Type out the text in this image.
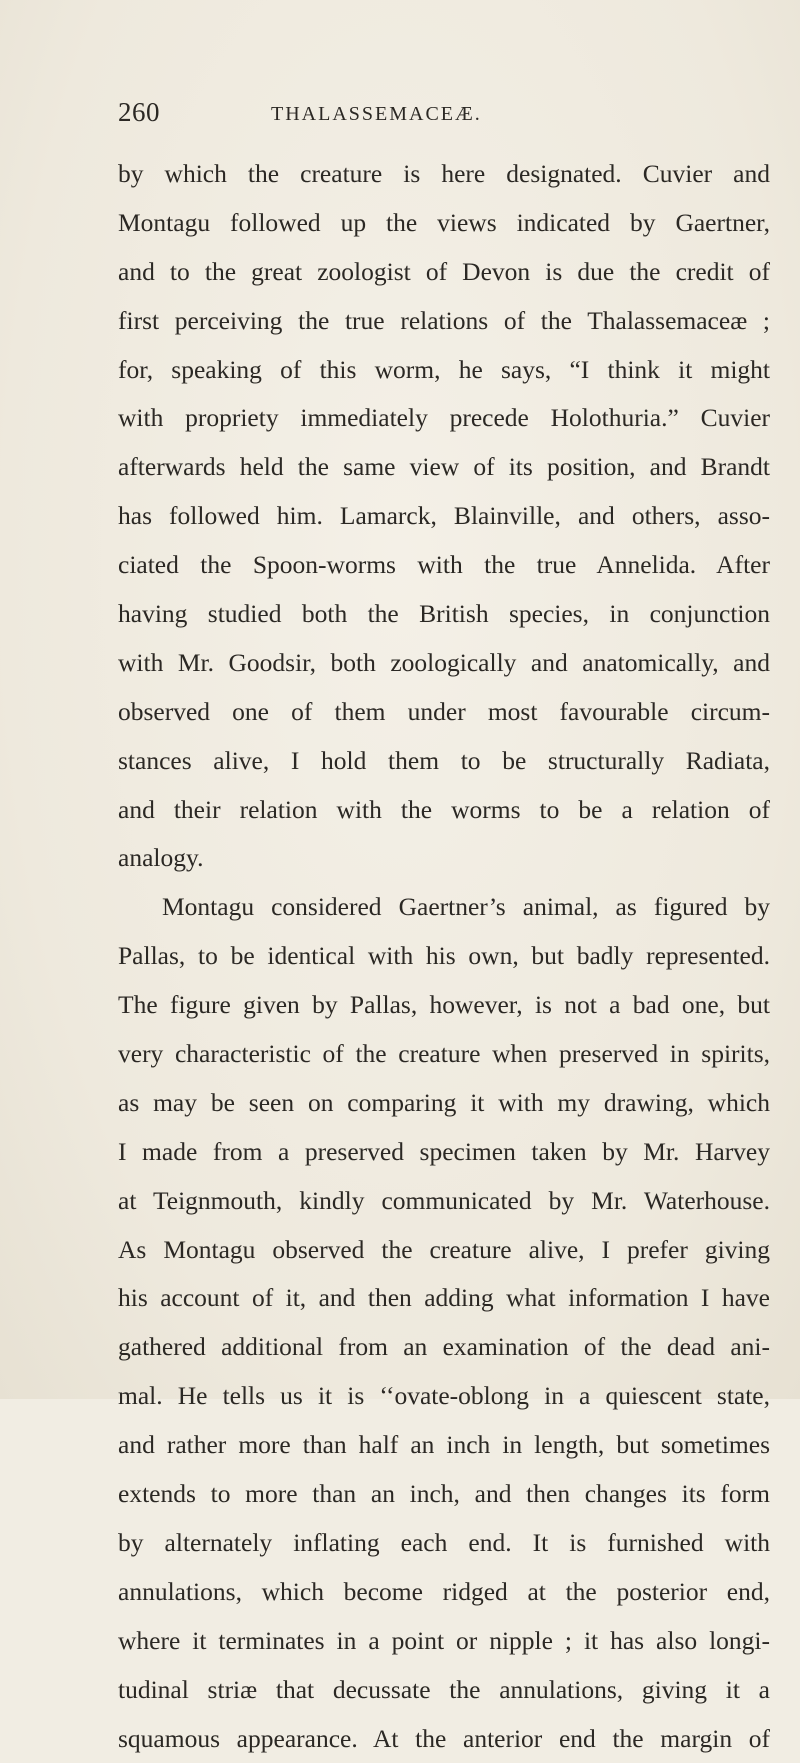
260	THALASSEMACEÆ.
by which the creature is here designated. Cuvier and
Montagu followed up the views indicated by Gaertner,
and to the great zoologist of Devon is due the credit of
first perceiving the true relations of the Thalassemaceæ ;
for, speaking of this worm, he says, “I think it might
with propriety immediately precede Holothuria.” Cuvier
afterwards held the same view of its position, and Brandt
has followed him. Lamarck, Blainville, and others, asso-
ciated the Spoon-worms with the true Annelida. After
having studied both the British species, in conjunction
with Mr. Goodsir, both zoologically and anatomically, and
observed one of them under most favourable circum-
stances alive, I hold them to be structurally Radiata,
and their relation with the worms to be a relation of
analogy.
Montagu considered Gaertner’s animal, as figured by
Pallas, to be identical with his own, but badly represented.
The figure given by Pallas, however, is not a bad one, but
very characteristic of the creature when preserved in spirits,
as may be seen on comparing it with my drawing, which
I made from a preserved specimen taken by Mr. Harvey
at Teignmouth, kindly communicated by Mr. Waterhouse.
As Montagu observed the creature alive, I prefer giving
his account of it, and then adding what information I have
gathered additional from an examination of the dead ani-
mal. He tells us it is ‘‘ovate-oblong in a quiescent state,
and rather more than half an inch in length, but sometimes
extends to more than an inch, and then changes its form
by alternately inflating each end. It is furnished with
annulations, which become ridged at the posterior end,
where it terminates in a point or nipple ; it has also longi-
tudinal striæ that decussate the annulations, giving it a
squamous appearance. At the anterior end the margin of
